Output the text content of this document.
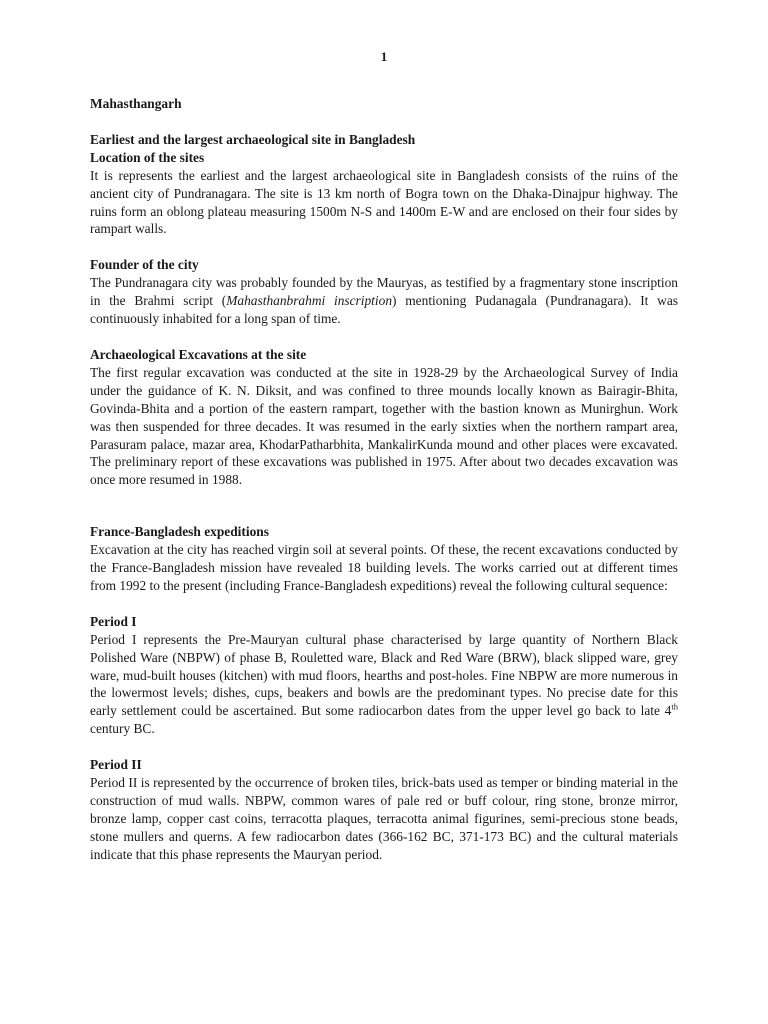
1

Mahasthangarh

Earliest and the largest archaeological site in Bangladesh

Location of the sites

It is represents the earliest and the largest archaeological site in Bangladesh consists of the ruins of the ancient city of Pundranagara. The site is 13 km north of Bogra town on the Dhaka-Dinajpur highway. The ruins form an oblong plateau measuring 1500m N-S and 1400m E-W and are enclosed on their four sides by rampart walls.

Founder of the city

The Pundranagara city was probably founded by the Mauryas, as testified by a fragmentary stone inscription in the Brahmi script (Mahasthanbrahmi inscription) mentioning Pudanagala (Pundranagara). It was continuously inhabited for a long span of time.

Archaeological Excavations at the site

The first regular excavation was conducted at the site in 1928-29 by the Archaeological Survey of India under the guidance of K. N. Diksit, and was confined to three mounds locally known as Bairagir-Bhita, Govinda-Bhita and a portion of the eastern rampart, together with the bastion known as Munirghun. Work was then suspended for three decades. It was resumed in the early sixties when the northern rampart area, Parasuram palace, mazar area, KhodarPatharbhita, MankalirKunda mound and other places were excavated. The preliminary report of these excavations was published in 1975. After about two decades excavation was once more resumed in 1988.

France-Bangladesh expeditions

Excavation at the city has reached virgin soil at several points. Of these, the recent excavations conducted by the France-Bangladesh mission have revealed 18 building levels. The works carried out at different times from 1992 to the present (including France-Bangladesh expeditions) reveal the following cultural sequence:

Period I

Period I represents the Pre-Mauryan cultural phase characterised by large quantity of Northern Black Polished Ware (NBPW) of phase B, Rouletted ware, Black and Red Ware (BRW), black slipped ware, grey ware, mud-built houses (kitchen) with mud floors, hearths and post-holes. Fine NBPW are more numerous in the lowermost levels; dishes, cups, beakers and bowls are the predominant types. No precise date for this early settlement could be ascertained. But some radiocarbon dates from the upper level go back to late 4th century BC.

Period II

Period II is represented by the occurrence of broken tiles, brick-bats used as temper or binding material in the construction of mud walls. NBPW, common wares of pale red or buff colour, ring stone, bronze mirror, bronze lamp, copper cast coins, terracotta plaques, terracotta animal figurines, semi-precious stone beads, stone mullers and querns. A few radiocarbon dates (366-162 BC, 371-173 BC) and the cultural materials indicate that this phase represents the Mauryan period.
